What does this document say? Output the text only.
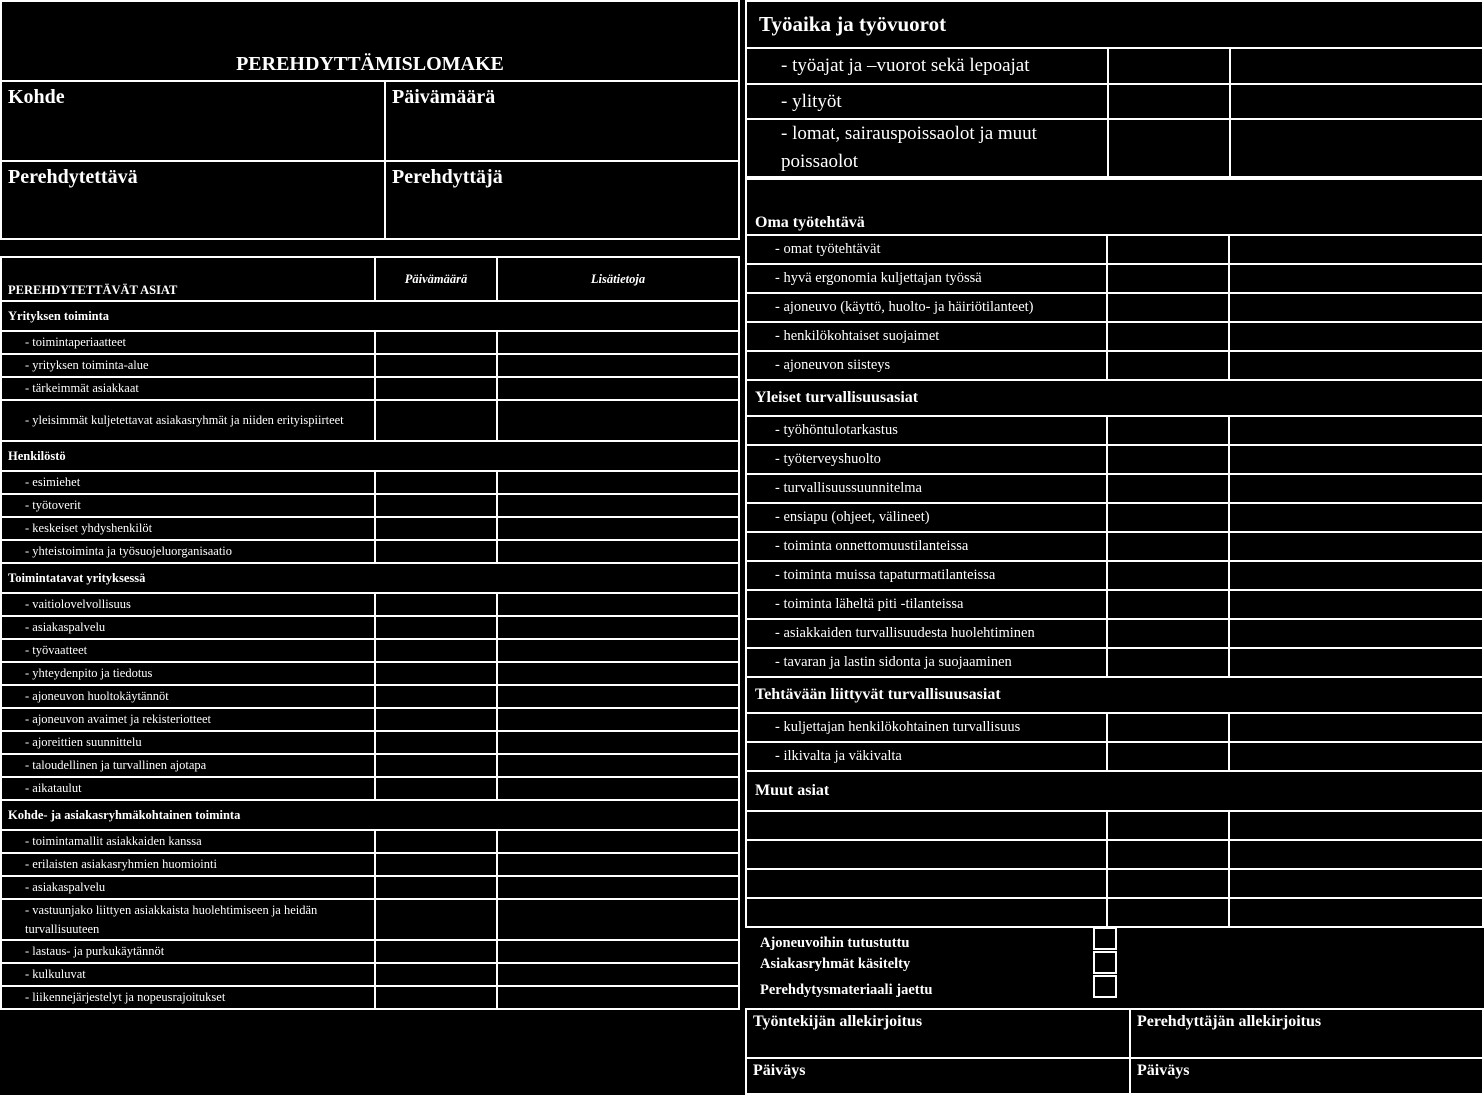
PEREHDYTTÄMISLOMAKE	
Kohde	Päivämäärä
Perehdytettävä	Perehdyttäjä
PEREHDYTETTÄVÄT ASIAT	Päivämäärä	Lisätietoja
Yrityksen toiminta		
- toimintaperiaatteet		
- yrityksen toiminta-alue		
- tärkeimmät asiakkaat		
- yleisimmät kuljetettavat asiakasryhmät ja niiden erityispiirteet		
Henkilöstö		
- esimiehet		
- työtoverit		
- keskeiset yhdyshenkilöt		
- yhteistoiminta ja työsuojeluorganisaatio		
Toimintatavat yrityksessä		
- vaitiolovelvollisuus		
- asiakaspalvelu		
- työvaatteet		
- yhteydenpito ja tiedotus		
- ajoneuvon huoltokäytännöt		
- ajoneuvon avaimet ja rekisteriotteet		
- ajoreittien suunnittelu		
- taloudellinen ja turvallinen ajotapa		
- aikataulut		
Kohde- ja asiakasryhmäkohtainen toiminta		
- toimintamallit asiakkaiden kanssa		
- erilaisten asiakasryhmien huomiointi		
- asiakaspalvelu		
- vastuunjako liittyen asiakkaista huolehtimiseen ja heidän turvallisuuteen		
- lastaus- ja purkukäytännöt		
- kulkuluvat		
- liikennejärjestelyt ja nopeusrajoitukset		
Työaika ja työvuorot		
- työajat ja –vuorot sekä lepoajat		
- ylityöt		
- lomat, sairauspoissaolot ja muut poissaolot		
Oma työtehtävä		
- omat työtehtävät		
- hyvä ergonomia kuljettajan työssä		
- ajoneuvo (käyttö, huolto- ja häiriötilanteet)		
- henkilökohtaiset suojaimet		
- ajoneuvon siisteys		
Yleiset turvallisuusasiat		
- työhöntulotarkastus		
- työterveyshuolto		
- turvallisuussuunnitelma		
- ensiapu (ohjeet, välineet)		
- toiminta onnettomuustilanteissa		
- toiminta muissa tapaturmatilanteissa		
- toiminta läheltä piti -tilanteissa		
- asiakkaiden turvallisuudesta huolehtiminen		
- tavaran ja lastin sidonta ja suojaaminen		
Tehtävään liittyvät turvallisuusasiat		
- kuljettajan henkilökohtainen turvallisuus		
- ilkivalta ja väkivalta		
Muut asiat		

Ajoneuvoihin tutustuttu
Asiakasryhmät käsitelty
Perehdytysmateriaali jaettu
Työntekijän allekirjoitus	Perehdyttäjän allekirjoitus
Päiväys	Päiväys
